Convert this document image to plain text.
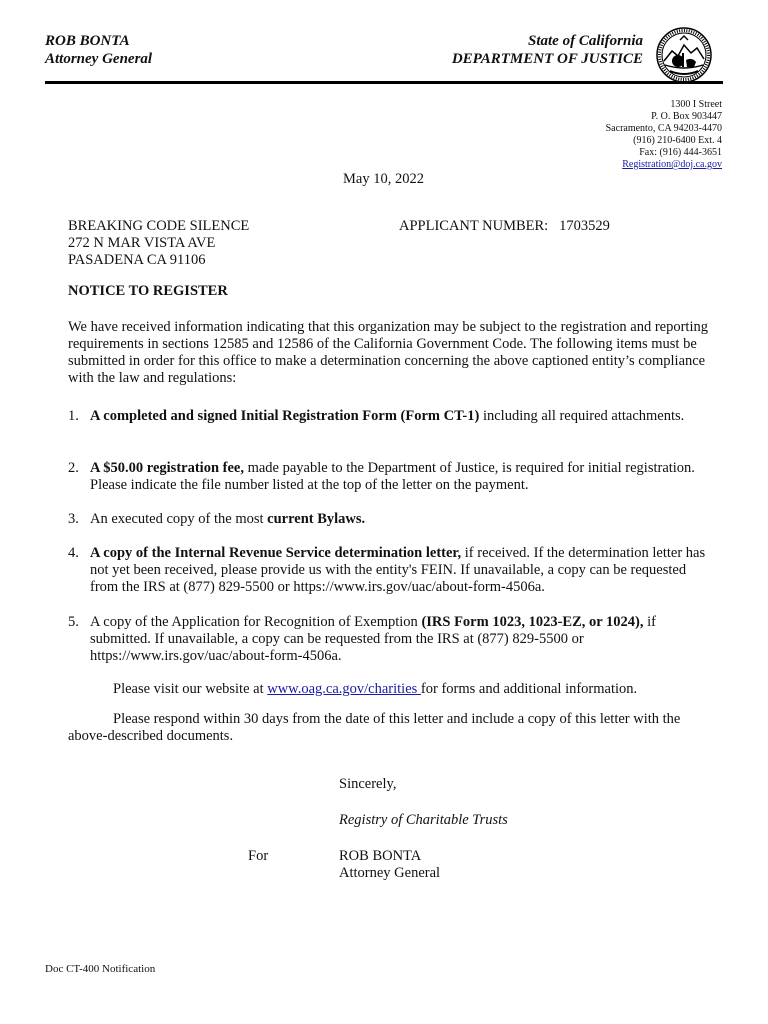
ROB BONTA
Attorney General
State of California
DEPARTMENT OF JUSTICE
1300 I Street
P. O. Box 903447
Sacramento, CA 94203-4470
(916) 210-6400 Ext. 4
Fax: (916) 444-3651
Registration@doj.ca.gov
May 10, 2022
BREAKING CODE SILENCE
272 N MAR VISTA AVE
PASADENA CA 91106
APPLICANT NUMBER: 1703529
NOTICE TO REGISTER
We have received information indicating that this organization may be subject to the registration and reporting requirements in sections 12585 and 12586 of the California Government Code. The following items must be submitted in order for this office to make a determination concerning the above captioned entity’s compliance with the law and regulations:
1. A completed and signed Initial Registration Form (Form CT-1) including all required attachments.
2. A $50.00 registration fee, made payable to the Department of Justice, is required for initial registration. Please indicate the file number listed at the top of the letter on the payment.
3. An executed copy of the most current Bylaws.
4. A copy of the Internal Revenue Service determination letter, if received. If the determination letter has not yet been received, please provide us with the entity's FEIN. If unavailable, a copy can be requested from the IRS at (877) 829-5500 or https://www.irs.gov/uac/about-form-4506a.
5. A copy of the Application for Recognition of Exemption (IRS Form 1023, 1023-EZ, or 1024), if submitted. If unavailable, a copy can be requested from the IRS at (877) 829-5500 or https://www.irs.gov/uac/about-form-4506a.
Please visit our website at www.oag.ca.gov/charities for forms and additional information.
Please respond within 30 days from the date of this letter and include a copy of this letter with the above-described documents.
Sincerely,
Registry of Charitable Trusts
For	ROB BONTA
Attorney General
Doc CT-400 Notification
